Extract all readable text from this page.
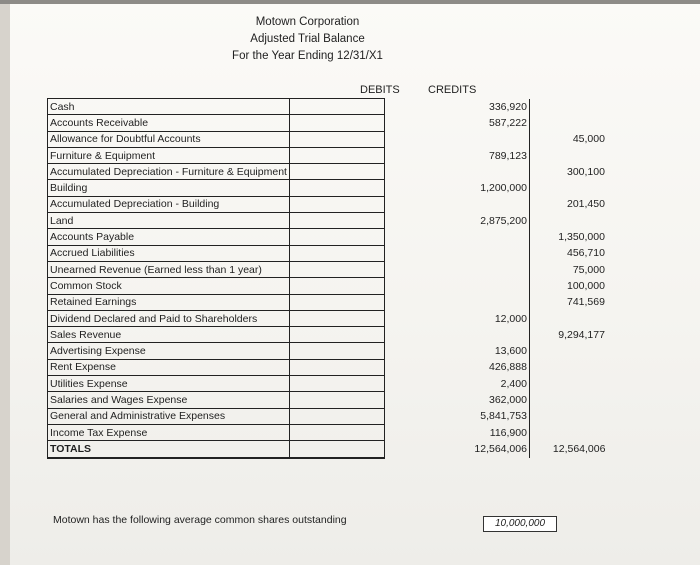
Motown Corporation
Adjusted Trial Balance
For the Year Ending 12/31/X1
DEBITS	CREDITS
Cash		336,920	
Accounts Receivable		587,222	
Allowance for Doubtful Accounts			45,000
Furniture & Equipment		789,123	
Accumulated Depreciation - Furniture & Equipment			300,100
Building		1,200,000	
Accumulated Depreciation - Building			201,450
Land		2,875,200	
Accounts Payable			1,350,000
Accrued Liabilities			456,710
Unearned Revenue (Earned less than 1 year)			75,000
Common Stock			100,000
Retained Earnings			741,569
Dividend Declared and Paid to Shareholders		12,000	
Sales Revenue			9,294,177
Advertising Expense		13,600	
Rent Expense		426,888	
Utilities Expense		2,400	
Salaries and Wages Expense		362,000	
General and Administrative Expenses		5,841,753	
Income Tax Expense		116,900	
TOTALS		12,564,006	12,564,006
Motown has the following average common shares outstanding	10,000,000
